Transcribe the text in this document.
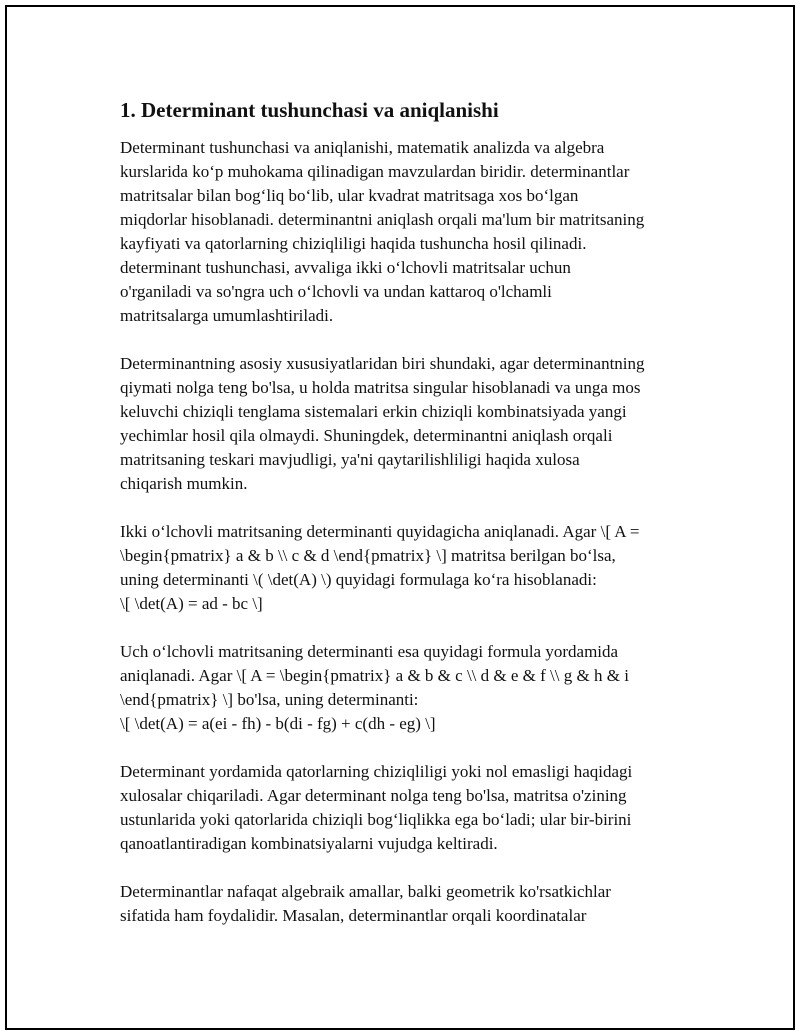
1. Determinant tushunchasi va aniqlanishi

Determinant tushunchasi va aniqlanishi, matematik analizda va algebra
kurslarida ko‘p muhokama qilinadigan mavzulardan biridir. determinantlar
matritsalar bilan bog‘liq bo‘lib, ular kvadrat matritsaga xos bo‘lgan
miqdorlar hisoblanadi. determinantni aniqlash orqali ma'lum bir matritsaning
kayfiyati va qatorlarning chiziqliligi haqida tushuncha hosil qilinadi.
determinant tushunchasi, avvaliga ikki o‘lchovli matritsalar uchun
o'rganiladi va so'ngra uch o‘lchovli va undan kattaroq o'lchamli
matritsalarga umumlashtiriladi.

Determinantning asosiy xususiyatlaridan biri shundaki, agar determinantning
qiymati nolga teng bo'lsa, u holda matritsa singular hisoblanadi va unga mos
keluvchi chiziqli tenglama sistemalari erkin chiziqli kombinatsiyada yangi
yechimlar hosil qila olmaydi. Shuningdek, determinantni aniqlash orqali
matritsaning teskari mavjudligi, ya'ni qaytarilishliligi haqida xulosa
chiqarish mumkin.

Ikki o‘lchovli matritsaning determinanti quyidagicha aniqlanadi. Agar \[ A =
\begin{pmatrix} a & b \\ c & d \end{pmatrix} \] matritsa berilgan bo‘lsa,
uning determinanti \( \det(A) \) quyidagi formulaga ko‘ra hisoblanadi:
\[ \det(A) = ad - bc \]

Uch o‘lchovli matritsaning determinanti esa quyidagi formula yordamida
aniqlanadi. Agar \[ A = \begin{pmatrix} a & b & c \\ d & e & f \\ g & h & i
\end{pmatrix} \] bo'lsa, uning determinanti:
\[ \det(A) = a(ei - fh) - b(di - fg) + c(dh - eg) \]

Determinant yordamida qatorlarning chiziqliligi yoki nol emasligi haqidagi
xulosalar chiqariladi. Agar determinant nolga teng bo'lsa, matritsa o'zining
ustunlarida yoki qatorlarida chiziqli bog‘liqlikka ega bo‘ladi; ular bir-birini
qanoatlantiradigan kombinatsiyalarni vujudga keltiradi.

Determinantlar nafaqat algebraik amallar, balki geometrik ko'rsatkichlar
sifatida ham foydalidir. Masalan, determinantlar orqali koordinatalar
